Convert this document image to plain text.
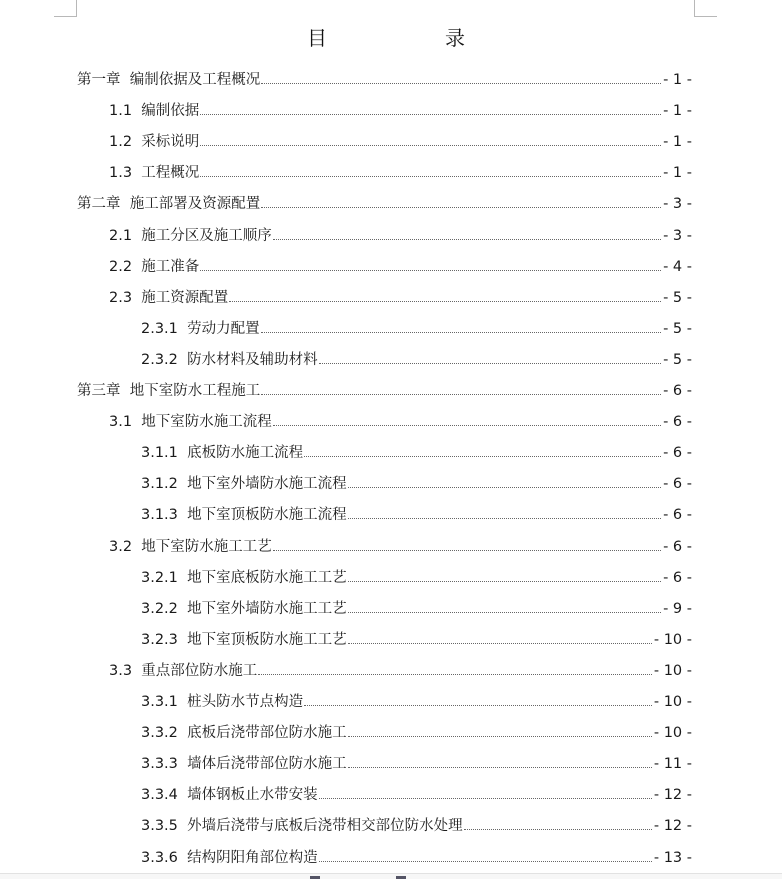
目　　录
第一章 编制依据及工程概况	- 1 -
1.1 编制依据	- 1 -
1.2 采标说明	- 1 -
1.3 工程概况	- 1 -
第二章 施工部署及资源配置	- 3 -
2.1 施工分区及施工顺序	- 3 -
2.2 施工准备	- 4 -
2.3 施工资源配置	- 5 -
2.3.1 劳动力配置	- 5 -
2.3.2 防水材料及辅助材料	- 5 -
第三章 地下室防水工程施工	- 6 -
3.1 地下室防水施工流程	- 6 -
3.1.1 底板防水施工流程	- 6 -
3.1.2 地下室外墙防水施工流程	- 6 -
3.1.3 地下室顶板防水施工流程	- 6 -
3.2 地下室防水施工工艺	- 6 -
3.2.1 地下室底板防水施工工艺	- 6 -
3.2.2 地下室外墙防水施工工艺	- 9 -
3.2.3 地下室顶板防水施工工艺	- 10 -
3.3 重点部位防水施工	- 10 -
3.3.1 桩头防水节点构造	- 10 -
3.3.2 底板后浇带部位防水施工	- 10 -
3.3.3 墙体后浇带部位防水施工	- 11 -
3.3.4 墙体钢板止水带安装	- 12 -
3.3.5 外墙后浇带与底板后浇带相交部位防水处理	- 12 -
3.3.6 结构阴阳角部位构造	- 13 -
